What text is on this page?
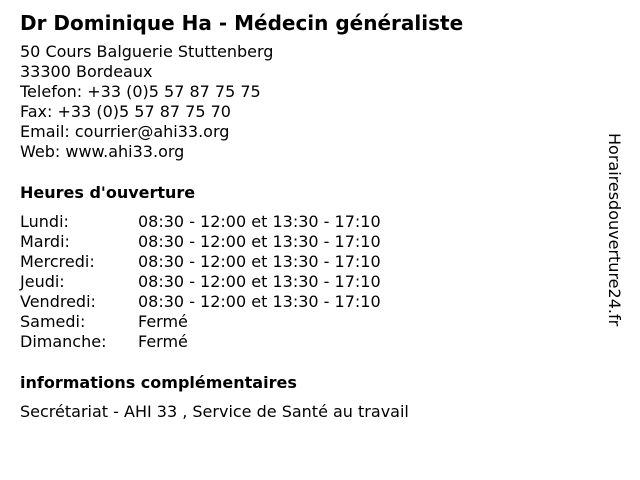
Dr Dominique Ha - Médecin généraliste
50 Cours Balguerie Stuttenberg
33300 Bordeaux
Telefon: +33 (0)5 57 87 75 75
Fax: +33 (0)5 57 87 75 70
Email: courrier@ahi33.org
Web: www.ahi33.org
Heures d'ouverture
Lundi:	08:30 - 12:00 et 13:30 - 17:10
Mardi:	08:30 - 12:00 et 13:30 - 17:10
Mercredi:	08:30 - 12:00 et 13:30 - 17:10
Jeudi:	08:30 - 12:00 et 13:30 - 17:10
Vendredi:	08:30 - 12:00 et 13:30 - 17:10
Samedi:	Fermé
Dimanche:	Fermé
informations complémentaires
Secrétariat - AHI 33 , Service de Santé au travail
Horairesdouverture24.fr
